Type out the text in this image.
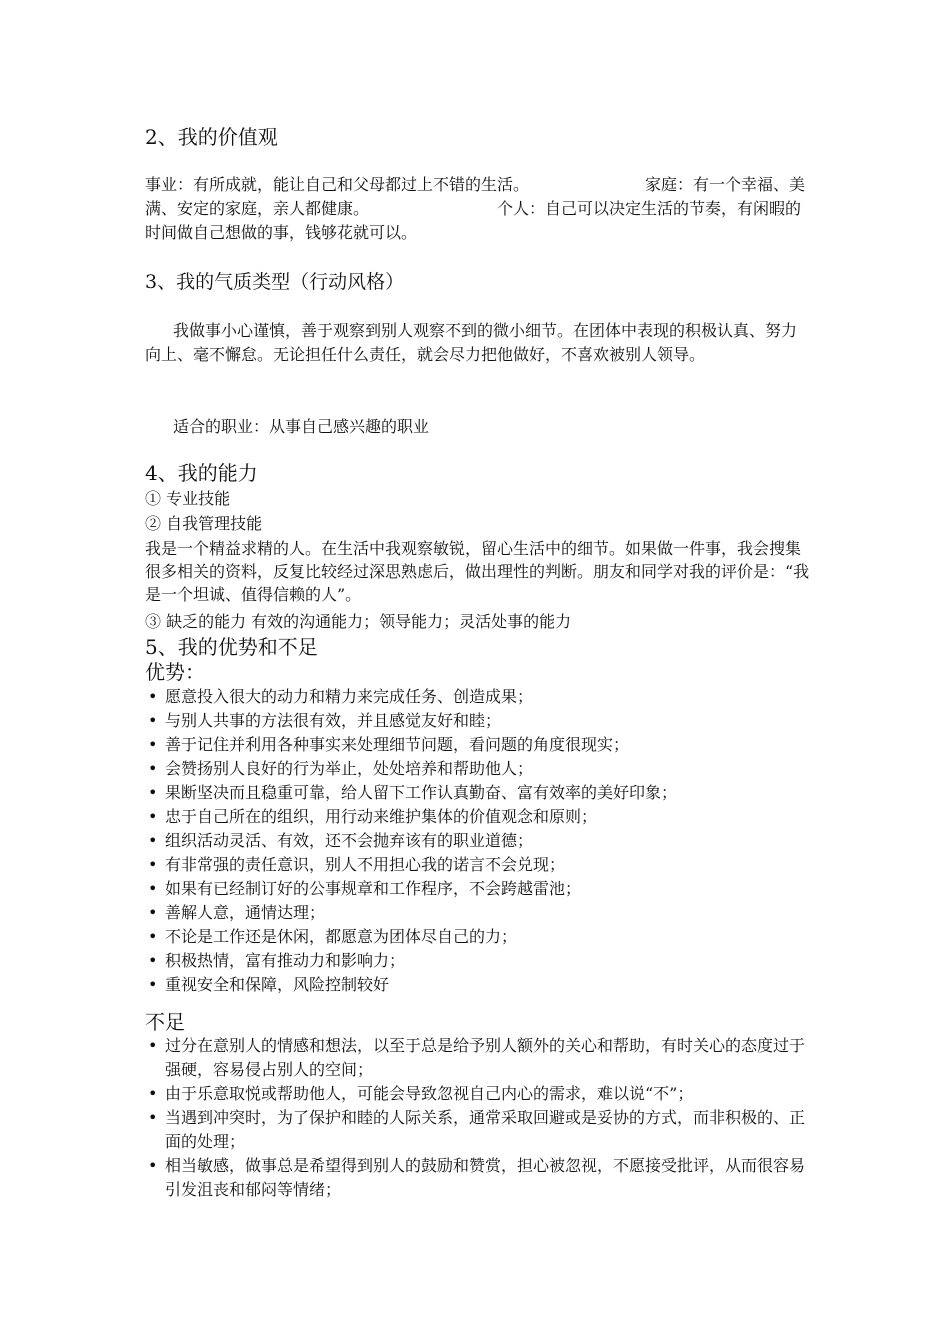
2、我的价值观
事业：有所成就，能让自己和父母都过上不错的生活。	家庭：有一个幸福、美满、安定的家庭，亲人都健康。	个人：自己可以决定生活的节奏，有闲暇的时间做自己想做的事，钱够花就可以。
3、我的气质类型（行动风格）
我做事小心谨慎，善于观察到别人观察不到的微小细节。在团体中表现的积极认真、努力向上、毫不懈怠。无论担任什么责任，就会尽力把他做好，不喜欢被别人领导。
适合的职业：从事自己感兴趣的职业
4、我的能力
① 专业技能
② 自我管理技能
我是一个精益求精的人。在生活中我观察敏锐，留心生活中的细节。如果做一件事，我会搜集很多相关的资料，反复比较经过深思熟虑后，做出理性的判断。朋友和同学对我的评价是：“我是一个坦诚、值得信赖的人”。
③ 缺乏的能力 有效的沟通能力；领导能力；灵活处事的能力
5、我的优势和不足
优势：
• 愿意投入很大的动力和精力来完成任务、创造成果；
• 与别人共事的方法很有效，并且感觉友好和睦；
• 善于记住并利用各种事实来处理细节问题，看问题的角度很现实；
• 会赞扬别人良好的行为举止，处处培养和帮助他人；
• 果断坚决而且稳重可靠，给人留下工作认真勤奋、富有效率的美好印象；
• 忠于自己所在的组织，用行动来维护集体的价值观念和原则；
• 组织活动灵活、有效，还不会抛弃该有的职业道德；
• 有非常强的责任意识，别人不用担心我的诺言不会兑现；
• 如果有已经制订好的公事规章和工作程序，不会跨越雷池；
• 善解人意，通情达理；
• 不论是工作还是休闲，都愿意为团体尽自己的力；
• 积极热情，富有推动力和影响力；
• 重视安全和保障，风险控制较好
不足
• 过分在意别人的情感和想法，以至于总是给予别人额外的关心和帮助，有时关心的态度过于强硬，容易侵占别人的空间；
• 由于乐意取悦或帮助他人，可能会导致忽视自己内心的需求，难以说“不”；
• 当遇到冲突时，为了保护和睦的人际关系，通常采取回避或是妥协的方式，而非积极的、正面的处理；
• 相当敏感，做事总是希望得到别人的鼓励和赞赏，担心被忽视，不愿接受批评，从而很容易引发沮丧和郁闷等情绪；
